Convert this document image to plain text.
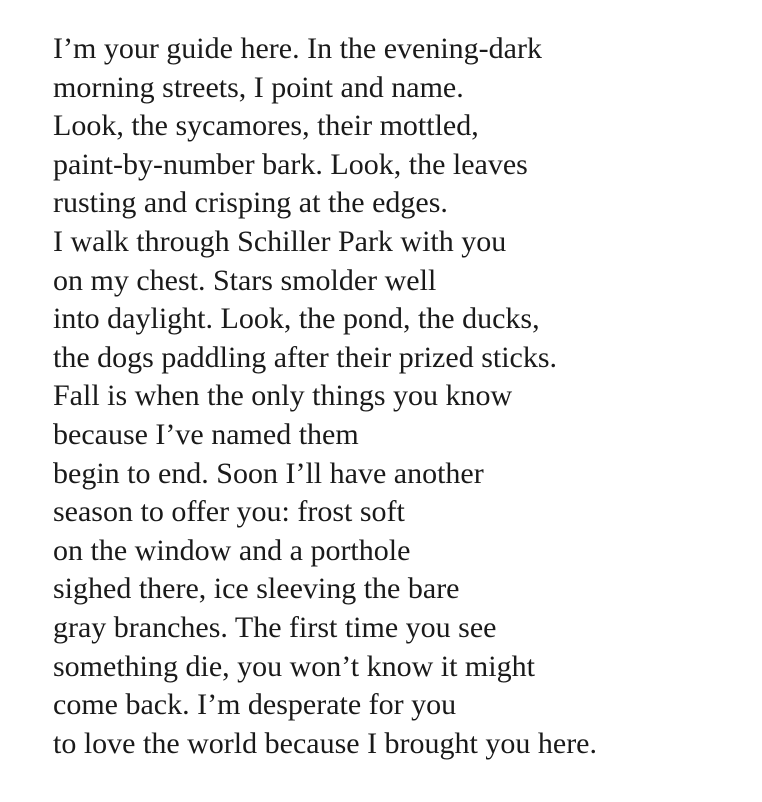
I’m your guide here. In the evening-dark
morning streets, I point and name.
Look, the sycamores, their mottled,
paint-by-number bark. Look, the leaves
rusting and crisping at the edges.
I walk through Schiller Park with you
on my chest. Stars smolder well
into daylight. Look, the pond, the ducks,
the dogs paddling after their prized sticks.
Fall is when the only things you know
because I’ve named them
begin to end. Soon I’ll have another
season to offer you: frost soft
on the window and a porthole
sighed there, ice sleeving the bare
gray branches. The first time you see
something die, you won’t know it might
come back. I’m desperate for you
to love the world because I brought you here.
